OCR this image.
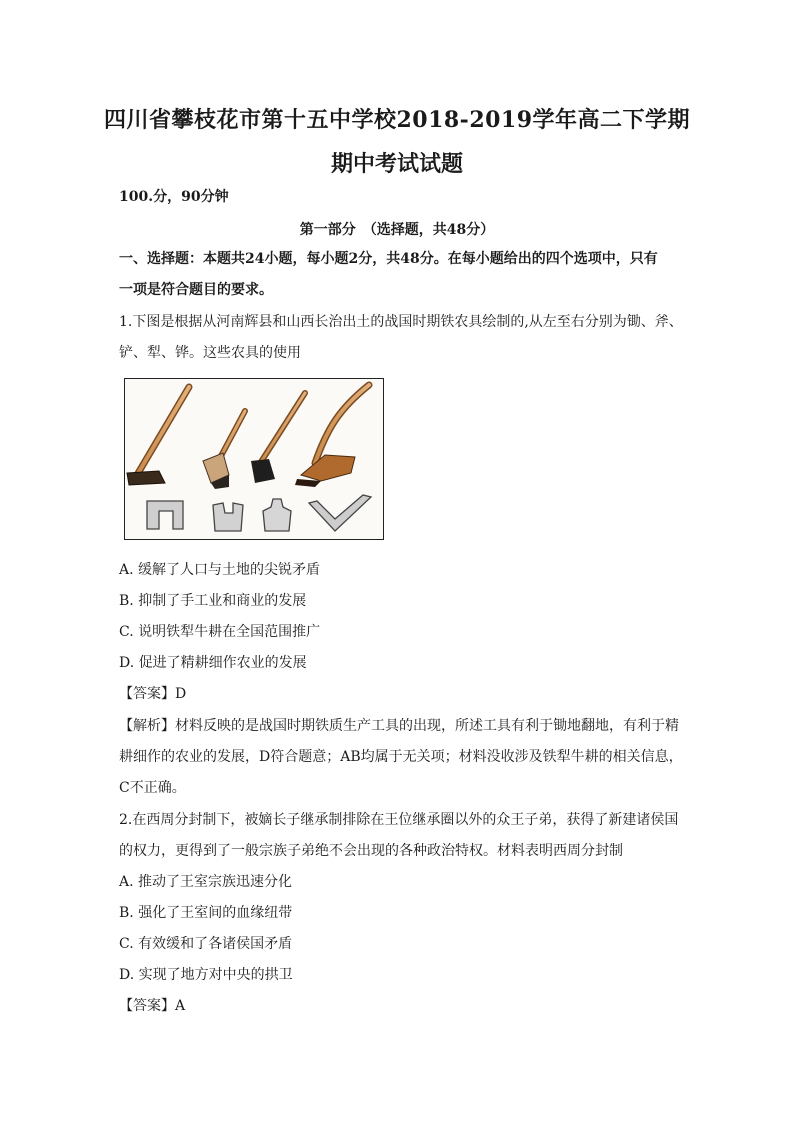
四川省攀枝花市第十五中学校2018-2019学年高二下学期
期中考试试题
100.分，90分钟
第一部分　（选择题，共48分）
一、选择题：本题共24小题，每小题2分，共48分。在每小题给出的四个选项中，只有
一项是符合题目的要求。
1.下图是根据从河南辉县和山西长治出土的战国时期铁农具绘制的,从左至右分别为锄、斧、
铲、犁、铧。这些农具的使用
A. 缓解了人口与土地的尖锐矛盾
B. 抑制了手工业和商业的发展
C. 说明铁犁牛耕在全国范围推广
D. 促进了精耕细作农业的发展
【答案】D
【解析】材料反映的是战国时期铁质生产工具的出现，所述工具有利于锄地翻地，有利于精
耕细作的农业的发展，D符合题意；AB均属于无关项；材料没收涉及铁犁牛耕的相关信息，
C不正确。
2.在西周分封制下，被嫡长子继承制排除在王位继承圈以外的众王子弟，获得了新建诸侯国
的权力，更得到了一般宗族子弟绝不会出现的各种政治特权。材料表明西周分封制
A. 推动了王室宗族迅速分化
B. 强化了王室间的血缘纽带
C. 有效缓和了各诸侯国矛盾
D. 实现了地方对中央的拱卫
【答案】A
